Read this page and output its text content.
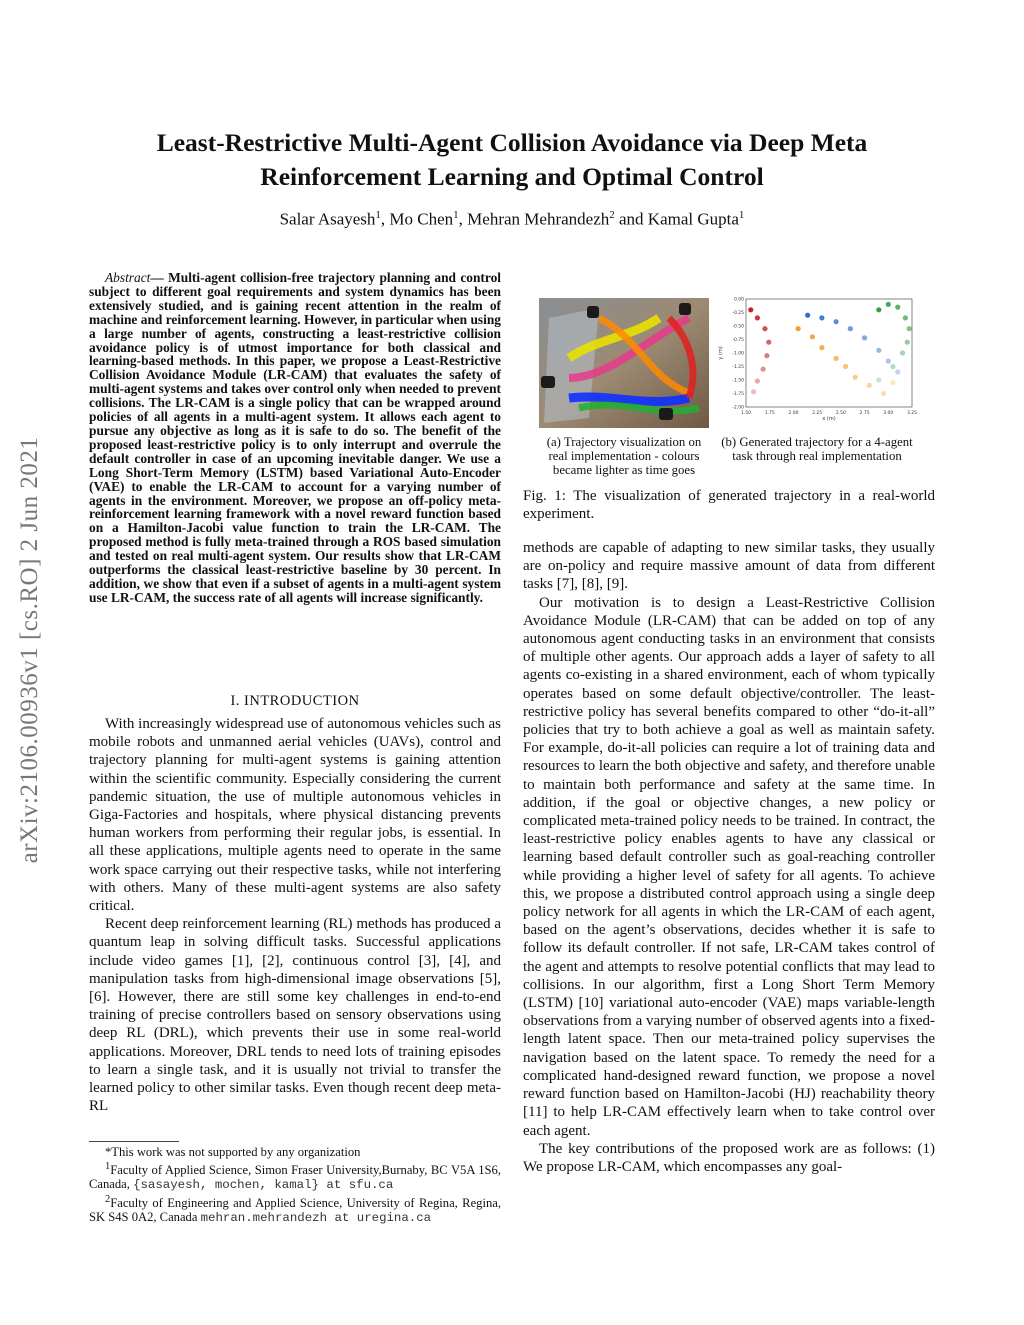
arXiv:2106.00936v1 [cs.RO] 2 Jun 2021
Least-Restrictive Multi-Agent Collision Avoidance via Deep Meta
Reinforcement Learning and Optimal Control
Salar Asayesh$^1$, Mo Chen$^1$, Mehran Mehrandezh$^2$ and Kamal Gupta$^1$

Abstract— Multi-agent collision-free trajectory planning and control subject to different goal requirements and system dynamics has been extensively studied, and is gaining recent attention in the realm of machine and reinforcement learning. However, in particular when using a large number of agents, constructing a least-restrictive collision avoidance policy is of utmost importance for both classical and learning-based methods. In this paper, we propose a Least-Restrictive Collision Avoidance Module (LR-CAM) that evaluates the safety of multi-agent systems and takes over control only when needed to prevent collisions. The LR-CAM is a single policy that can be wrapped around policies of all agents in a multi-agent system. It allows each agent to pursue any objective as long as it is safe to do so. The benefit of the proposed least-restrictive policy is to only interrupt and overrule the default controller in case of an upcoming inevitable danger. We use a Long Short-Term Memory (LSTM) based Variational Auto-Encoder (VAE) to enable the LR-CAM to account for a varying number of agents in the environment. Moreover, we propose an off-policy meta-reinforcement learning framework with a novel reward function based on a Hamilton-Jacobi value function to train the LR-CAM. The proposed method is fully meta-trained through a ROS based simulation and tested on real multi-agent system. Our results show that LR-CAM outperforms the classical least-restrictive baseline by 30 percent. In addition, we show that even if a subset of agents in a multi-agent system use LR-CAM, the success rate of all agents will increase significantly.

I. INTRODUCTION

With increasingly widespread use of autonomous vehicles such as mobile robots and unmanned aerial vehicles (UAVs), control and trajectory planning for multi-agent systems is gaining attention within the scientific community. Especially considering the current pandemic situation, the use of multiple autonomous vehicles in Giga-Factories and hospitals, where physical distancing prevents human workers from performing their regular jobs, is essential. In all these applications, multiple agents need to operate in the same work space carrying out their respective tasks, while not interfering with others. Many of these multi-agent systems are also safety critical.

Recent deep reinforcement learning (RL) methods has produced a quantum leap in solving difficult tasks. Successful applications include video games [1], [2], continuous control [3], [4], and manipulation tasks from high-dimensional image observations [5], [6]. However, there are still some key challenges in end-to-end training of precise controllers based on sensory observations using deep RL (DRL), which prevents their use in some real-world applications. Moreover, DRL tends to need lots of training episodes to learn a single task, and it is usually not trivial to transfer the learned policy to other similar tasks. Even though recent deep meta-RL

*This work was not supported by any organization

$^1$Faculty of Applied Science, Simon Fraser University,Burnaby, BC V5A 1S6, Canada, {sasayesh, mochen, kamal} at sfu.ca

$^2$Faculty of Engineering and Applied Science, University of Regina, Regina, SK S4S 0A2, Canada mehran.mehrandezh at uregina.ca

1.50	1.75	2.00	2.25	2.50	2.75	3.00	3.25
0.00
-0.25
-0.50
-0.75
-1.00
-1.25
-1.50
-1.75
-2.00
x (m)
y (m)
(a) Trajectory visualization on real implementation - colours became lighter as time goes
(b) Generated trajectory for a 4-agent task through real implementation
Fig. 1: The visualization of generated trajectory in a real-world experiment.

methods are capable of adapting to new similar tasks, they usually are on-policy and require massive amount of data from different tasks [7], [8], [9].

Our motivation is to design a Least-Restrictive Collision Avoidance Module (LR-CAM) that can be added on top of any autonomous agent conducting tasks in an environment that consists of multiple other agents. Our approach adds a layer of safety to all agents co-existing in a shared environment, each of whom typically operates based on some default objective/controller. The least-restrictive policy has several benefits compared to other “do-it-all” policies that try to both achieve a goal as well as maintain safety. For example, do-it-all policies can require a lot of training data and resources to learn the both objective and safety, and therefore unable to maintain both performance and safety at the same time. In addition, if the goal or objective changes, a new policy or complicated meta-trained policy needs to be trained. In contract, the least-restrictive policy enables agents to have any classical or learning based default controller such as goal-reaching controller while providing a higher level of safety for all agents. To achieve this, we propose a distributed control approach using a single deep policy network for all agents in which the LR-CAM of each agent, based on the agent’s observations, decides whether it is safe to follow its default controller. If not safe, LR-CAM takes control of the agent and attempts to resolve potential conflicts that may lead to collisions. In our algorithm, first a Long Short Term Memory (LSTM) [10] variational auto-encoder (VAE) maps variable-length observations from a varying number of observed agents into a fixed-length latent space. Then our meta-trained policy supervises the navigation based on the latent space. To remedy the need for a complicated hand-designed reward function, we propose a novel reward function based on Hamilton-Jacobi (HJ) reachability theory [11] to help LR-CAM effectively learn when to take control over each agent.

The key contributions of the proposed work are as follows: (1) We propose LR-CAM, which encompasses any goal-
